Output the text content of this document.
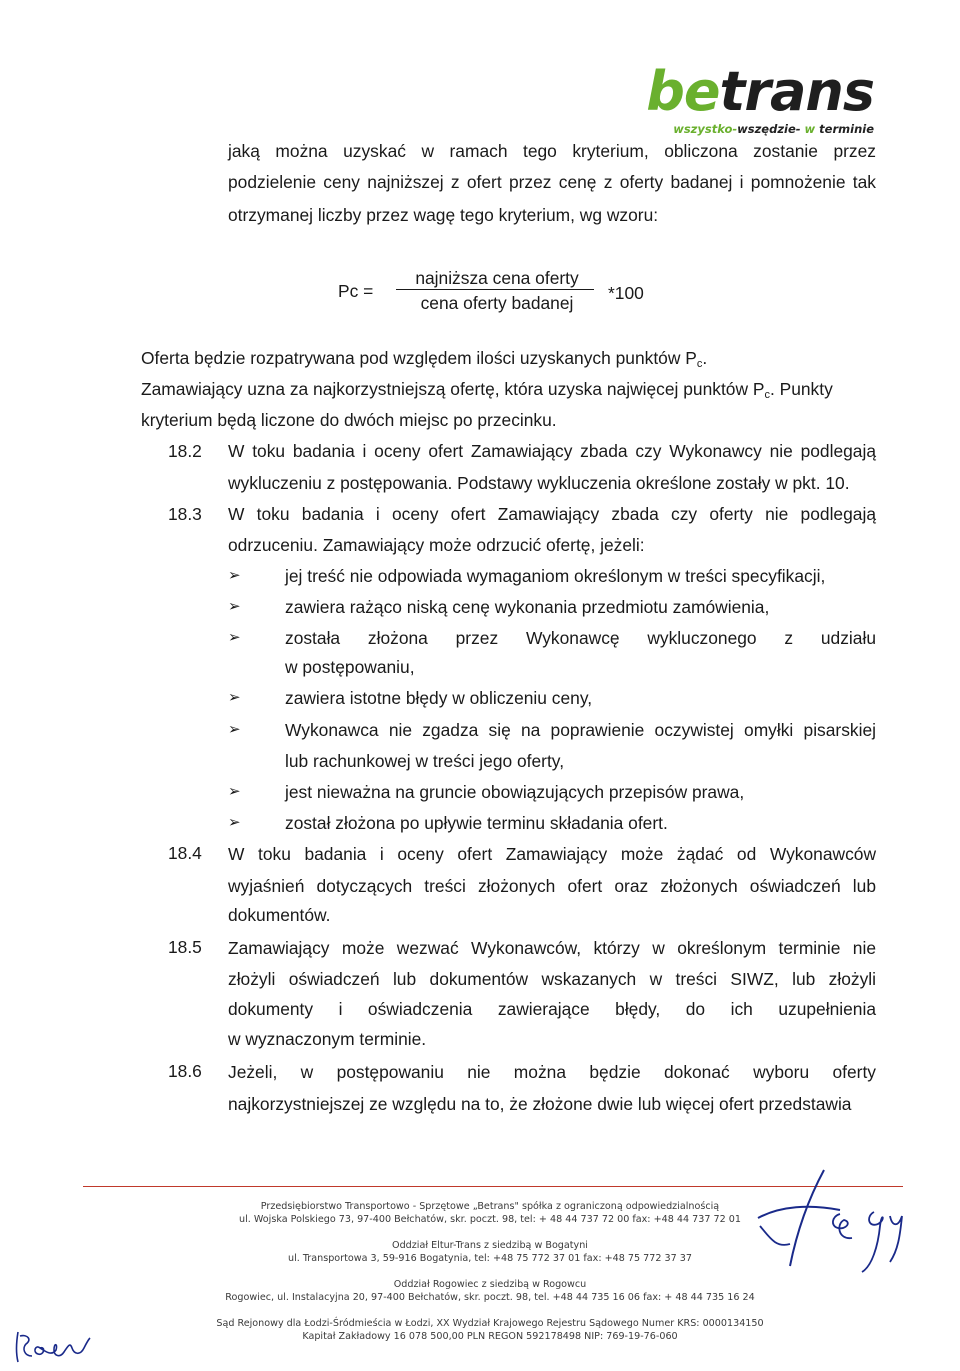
betrans
wszystko-wszędzie- w terminie

jaką można uzyskać w ramach tego kryterium, obliczona zostanie przez

podzielenie ceny najniższej z ofert przez cenę z oferty badanej i pomnożenie tak

otrzymanej liczby przez wagę tego kryterium, wg wzoru:

Pc =
najniższa cena oferty
cena oferty badanej	*100

Oferta będzie rozpatrywana pod względem ilości uzyskanych punktów $P_c$.

Zamawiający uzna za najkorzystniejszą ofertę, która uzyska najwięcej punktów $P_c$. Punkty

kryterium będą liczone do dwóch miejsc po przecinku.

18.2 W toku badania i oceny ofert Zamawiający zbada czy Wykonawcy nie podlegają

wykluczeniu z postępowania. Podstawy wykluczenia określone zostały w pkt. 10.

18.3 W toku badania i oceny ofert Zamawiający zbada czy oferty nie podlegają

odrzuceniu. Zamawiający może odrzucić ofertę, jeżeli:

➢	jej treść nie odpowiada wymaganiom określonym w treści specyfikacji,

➢	zawiera rażąco niską cenę wykonania przedmiotu zamówienia,

➢	została złożona przez Wykonawcę wykluczonego z udziału

w postępowaniu,

➢	zawiera istotne błędy w obliczeniu ceny,

➢	Wykonawca nie zgadza się na poprawienie oczywistej omyłki pisarskiej

lub rachunkowej w treści jego oferty,

➢	jest nieważna na gruncie obowiązujących przepisów prawa,

➢	został złożona po upływie terminu składania ofert.

18.4 W toku badania i oceny ofert Zamawiający może żądać od Wykonawców

wyjaśnień dotyczących treści złożonych ofert oraz złożonych oświadczeń lub

dokumentów.

18.5 Zamawiający może wezwać Wykonawców, którzy w określonym terminie nie

złożyli oświadczeń lub dokumentów wskazanych w treści SIWZ, lub złożyli

dokumenty i oświadczenia zawierające błędy, do ich uzupełnienia

w wyznaczonym terminie.

18.6 Jeżeli, w postępowaniu nie można będzie dokonać wyboru oferty

najkorzystniejszej ze względu na to, że złożone dwie lub więcej ofert przedstawia

Przedsiębiorstwo Transportowo - Sprzętowe „Betrans" spółka z ograniczoną odpowiedzialnością
ul. Wojska Polskiego 73, 97-400 Bełchatów, skr. poczt. 98, tel: + 48 44 737 72 00 fax: +48 44 737 72 01
Oddział Eltur-Trans z siedzibą w Bogatyni
ul. Transportowa 3, 59-916 Bogatynia, tel: +48 75 772 37 01 fax: +48 75 772 37 37
Oddział Rogowiec z siedzibą w Rogowcu
Rogowiec, ul. Instalacyjna 20, 97-400 Bełchatów, skr. poczt. 98, tel. +48 44 735 16 06 fax: + 48 44 735 16 24
Sąd Rejonowy dla Łodzi-Śródmieścia w Łodzi, XX Wydział Krajowego Rejestru Sądowego Numer KRS: 0000134150
Kapitał Zakładowy 16 078 500,00 PLN REGON 592178498 NIP: 769-19-76-060
